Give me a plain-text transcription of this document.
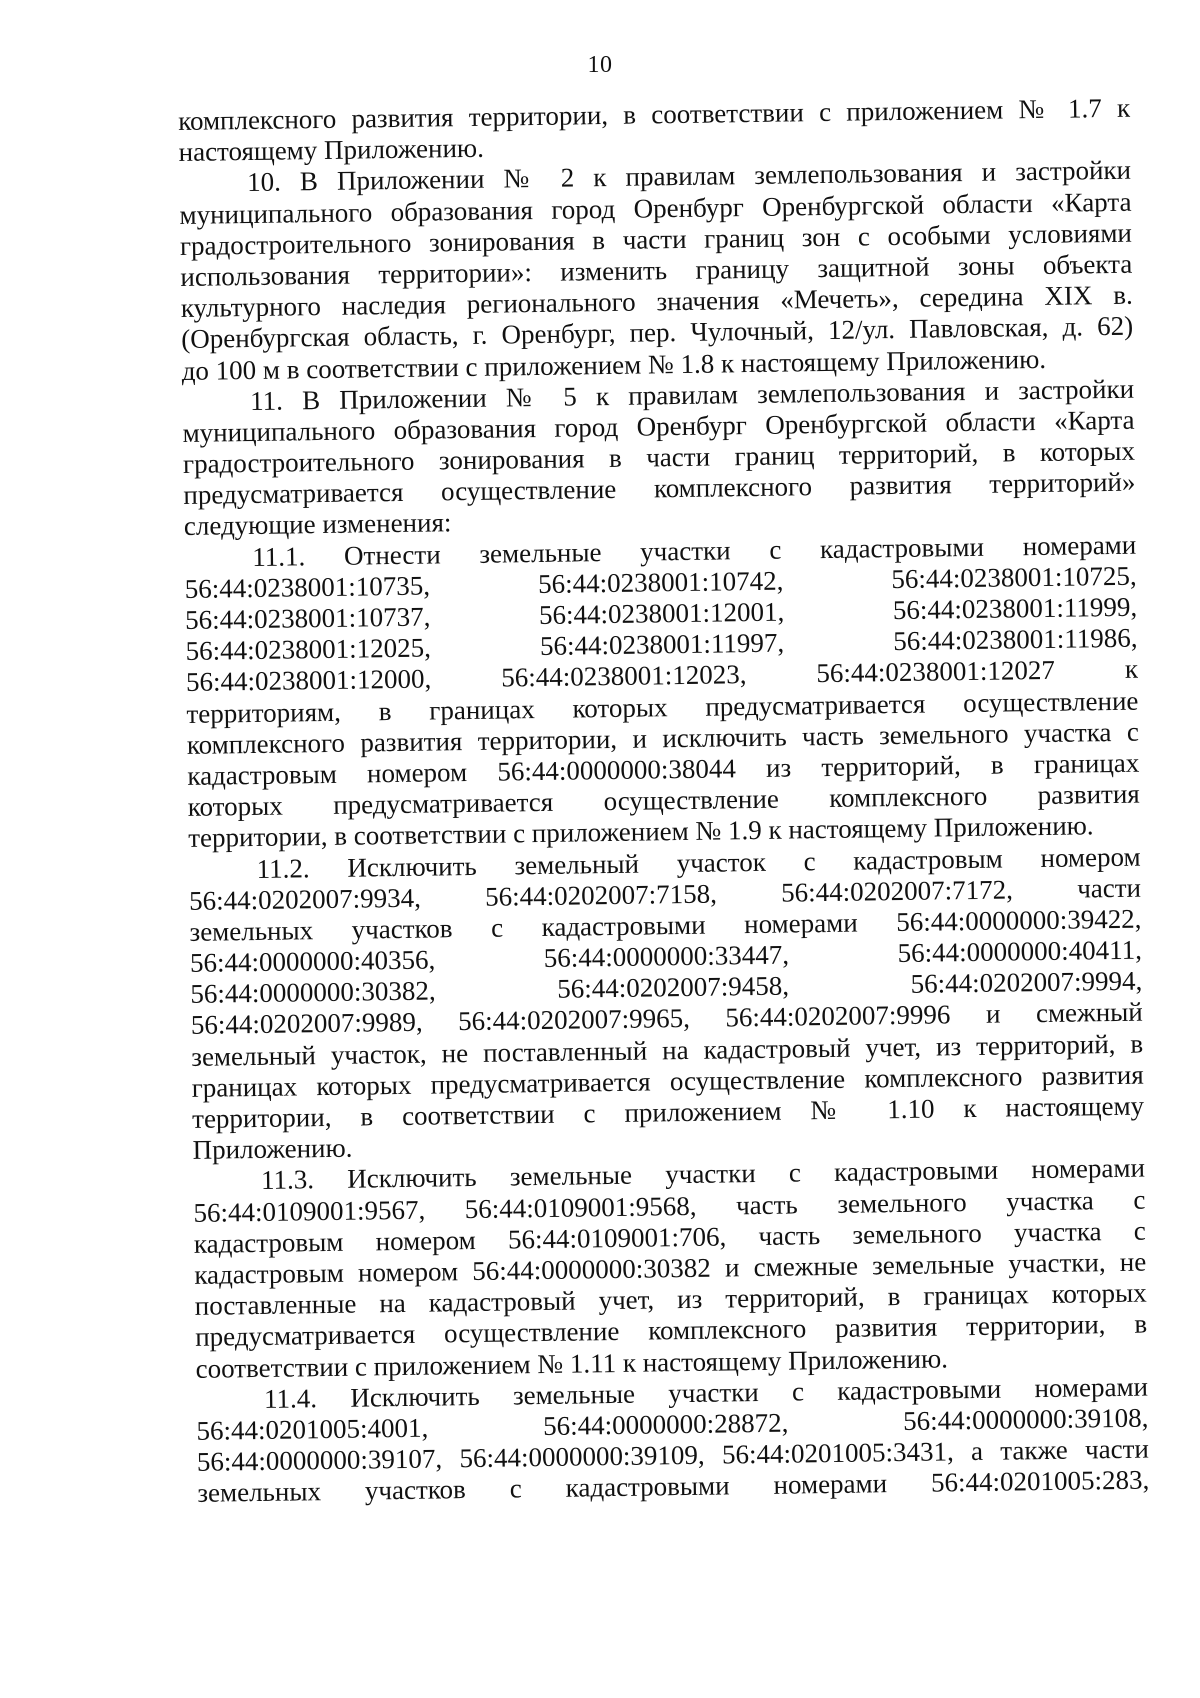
10
комплексного развития территории, в соответствии с приложением № 1.7 к
настоящему Приложению.
10. В Приложении № 2 к правилам землепользования и застройки
муниципального образования город Оренбург Оренбургской области «Карта
градостроительного зонирования в части границ зон с особыми условиями
использования территории»: изменить границу защитной зоны объекта
культурного наследия регионального значения «Мечеть», середина XIX в.
(Оренбургская область, г. Оренбург, пер. Чулочный, 12/ул. Павловская, д. 62)
до 100 м в соответствии с приложением № 1.8 к настоящему Приложению.
11. В Приложении № 5 к правилам землепользования и застройки
муниципального образования город Оренбург Оренбургской области «Карта
градостроительного зонирования в части границ территорий, в которых
предусматривается осуществление комплексного развития территорий»
следующие изменения:
11.1. Отнести земельные участки с кадастровыми номерами
56:44:0238001:10735, 56:44:0238001:10742, 56:44:0238001:10725,
56:44:0238001:10737, 56:44:0238001:12001, 56:44:0238001:11999,
56:44:0238001:12025, 56:44:0238001:11997, 56:44:0238001:11986,
56:44:0238001:12000, 56:44:0238001:12023, 56:44:0238001:12027 к
территориям, в границах которых предусматривается осуществление
комплексного развития территории, и исключить часть земельного участка с
кадастровым номером 56:44:0000000:38044 из территорий, в границах
которых предусматривается осуществление комплексного развития
территории, в соответствии с приложением № 1.9 к настоящему Приложению.
11.2. Исключить земельный участок с кадастровым номером
56:44:0202007:9934, 56:44:0202007:7158, 56:44:0202007:7172, части
земельных участков с кадастровыми номерами 56:44:0000000:39422,
56:44:0000000:40356, 56:44:0000000:33447, 56:44:0000000:40411,
56:44:0000000:30382, 56:44:0202007:9458, 56:44:0202007:9994,
56:44:0202007:9989, 56:44:0202007:9965, 56:44:0202007:9996 и смежный
земельный участок, не поставленный на кадастровый учет, из территорий, в
границах которых предусматривается осуществление комплексного развития
территории, в соответствии с приложением № 1.10 к настоящему
Приложению.
11.3. Исключить земельные участки с кадастровыми номерами
56:44:0109001:9567, 56:44:0109001:9568, часть земельного участка с
кадастровым номером 56:44:0109001:706, часть земельного участка с
кадастровым номером 56:44:0000000:30382 и смежные земельные участки, не
поставленные на кадастровый учет, из территорий, в границах которых
предусматривается осуществление комплексного развития территории, в
соответствии с приложением № 1.11 к настоящему Приложению.
11.4. Исключить земельные участки с кадастровыми номерами
56:44:0201005:4001, 56:44:0000000:28872, 56:44:0000000:39108,
56:44:0000000:39107, 56:44:0000000:39109, 56:44:0201005:3431, а также части
земельных участков с кадастровыми номерами 56:44:0201005:283,
